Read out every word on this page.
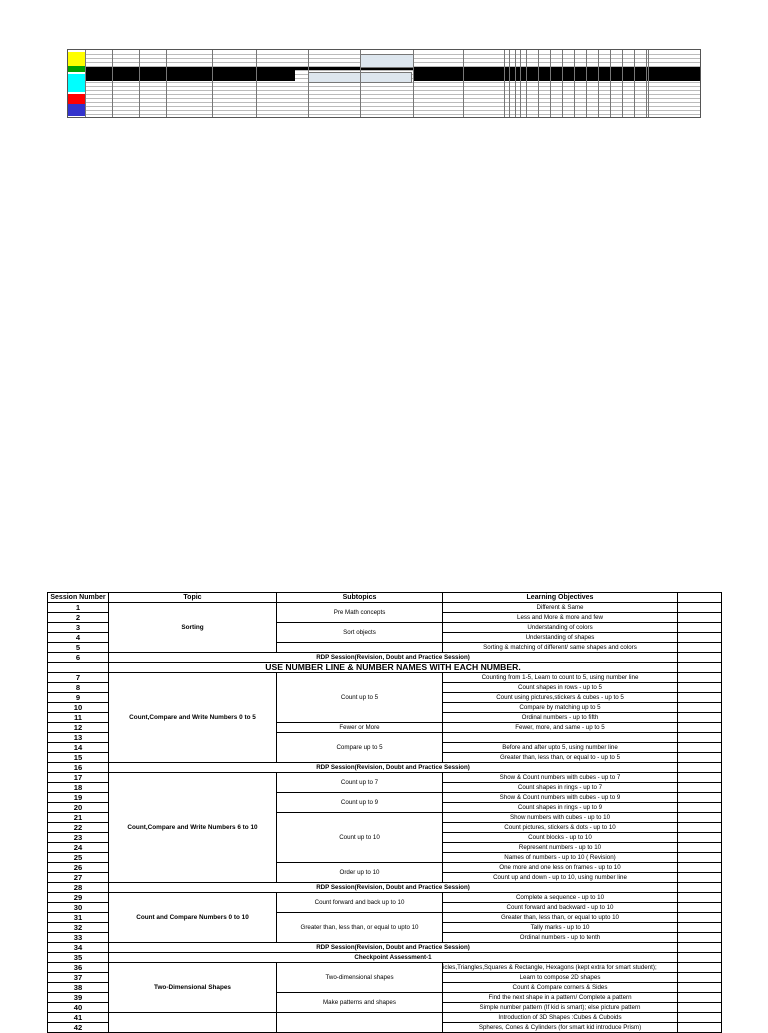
Session Number	Topic	Subtopics	Learning Objectives	
1	Sorting	Pre Math concepts	Different & Same	
2			Less and More & more and few	
3		Sort objects	Understanding of colors	
4			Understanding of shapes	
5			Sorting & matching of different/ same shapes and colors	
6	RDP Session(Revision, Doubt and Practice Session)			
	USE NUMBER LINE & NUMBER NAMES WITH EACH NUMBER.			
7	Count,Compare and Write Numbers 0 to 5	Count up to 5	Counting from 1-5, Learn to count to 5, using number line	
8			Count shapes in rows - up to 5	
9			Count using pictures,stickers & cubes - up to 5	
10			Compare by matching up to 5	
11			Ordinal numbers - up to fifth	
12		Fewer or More	Fewer, more, and same - up to 5	
13		Compare up to 5		
14			Before and after upto 5, using number line	
15			Greater than, less than, or equal to - up to 5	
16	RDP Session(Revision, Doubt and Practice Session)			
17	Count,Compare and Write Numbers 6 to 10	Count up to 7	Show & Count numbers with cubes - up to 7	
18			Count shapes in rings - up to 7	
19		Count up to 9	Show & Count numbers with cubes - up to 9	
20			Count shapes in rings - up to 9	
21		Count up to 10	Show numbers with cubes - up to 10	
22			Count pictures, stickers & dots - up to 10	
23			Count blocks - up to 10	
24			Represent numbers - up to 10	
25			Names of numbers - up to 10 ( Revision)	
26		Order up to 10	One more and one less on frames - up to 10	
27			Count up and down - up to 10, using number line	
28	RDP Session(Revision, Doubt and Practice Session)			
29	Count and Compare Numbers 0 to 10	Count forward and back up to 10	Complete a sequence - up to 10	
30			Count forward and backward - up to 10	
31		Greater than, less than, or equal to upto 10	Greater than, less than, or equal to upto 10	
32			Tally marks - up to 10	
33			Ordinal numbers - up to tenth	
34	RDP Session(Revision, Doubt and Practice Session)			
35	Checkpoint Assessment-1			
36	Two-Dimensional Shapes	Two-dimensional shapes	icles,Triangles,Squares & Rectangle, Hexagons (kept extra for smart student);	
37			Learn to compose 2D shapes	
38			Count & Compare corners & Sides	
39		Make patterns and shapes	Find the next shape in a pattern/ Complete a pattern	
40			Simple number pattern (If kid is smart); else picture pattern	
41			Introduction of 3D Shapes :Cubes & Cuboids	
42			Spheres, Cones & Cylinders (for smart kid introduce Prism)	
